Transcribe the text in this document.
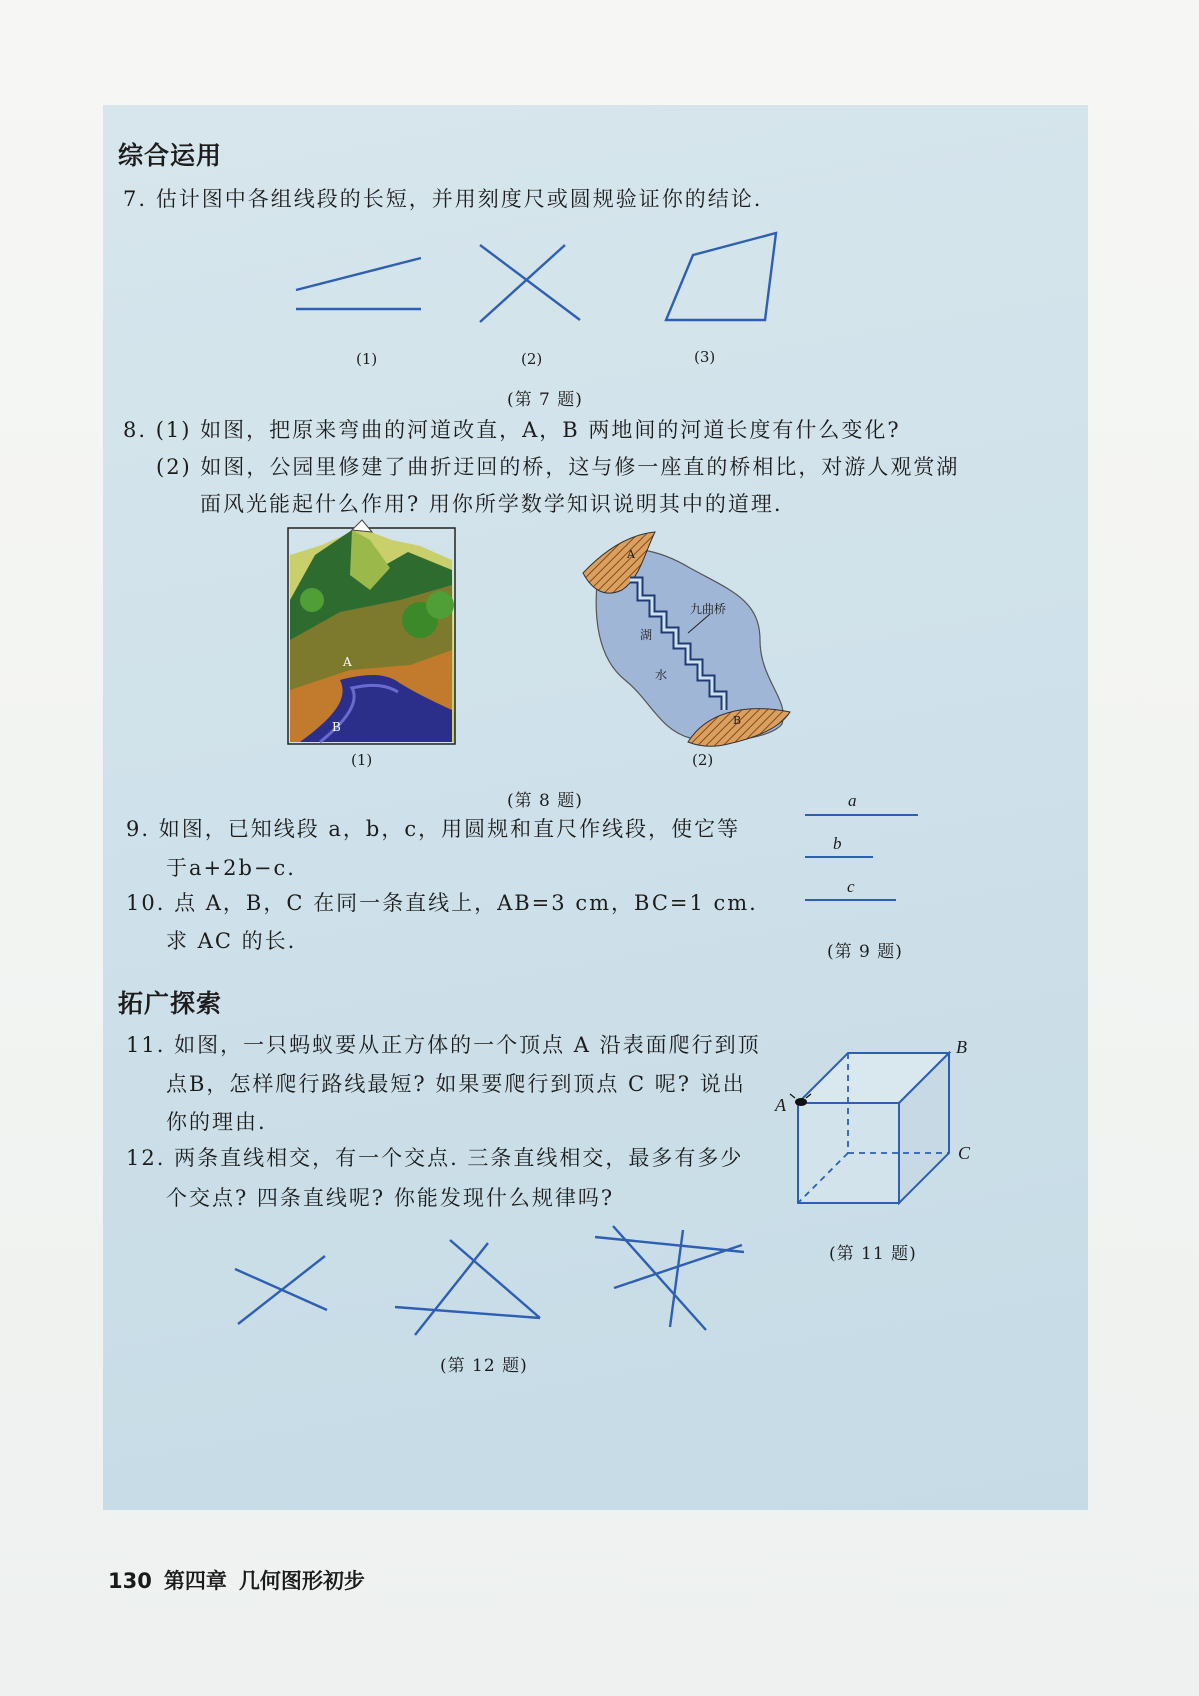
综合运用
7. 估计图中各组线段的长短，并用刻度尺或圆规验证你的结论.
(1)	(2)	(3)
(第 7 题)
8. (1) 如图，把原来弯曲的河道改直，A，B 两地间的河道长度有什么变化?
(2) 如图，公园里修建了曲折迂回的桥，这与修一座直的桥相比，对游人观赏湖
面风光能起什么作用? 用你所学数学知识说明其中的道理.
A
B
(1)
A
B
九曲桥
湖
水
(2)
(第 8 题)
9. 如图，已知线段 a，b，c，用圆规和直尺作线段，使它等
于a+2b−c.
a
b
c
(第 9 题)
10. 点 A，B，C 在同一条直线上，AB=3 cm，BC=1 cm.
求 AC 的长.
拓广探索
11. 如图，一只蚂蚁要从正方体的一个顶点 A 沿表面爬行到顶
点B，怎样爬行路线最短? 如果要爬行到顶点 C 呢? 说出
你的理由.
A
B
C
(第 11 题)
12. 两条直线相交，有一个交点. 三条直线相交，最多有多少
个交点? 四条直线呢? 你能发现什么规律吗?
(第 12 题)
130 第四章 几何图形初步
